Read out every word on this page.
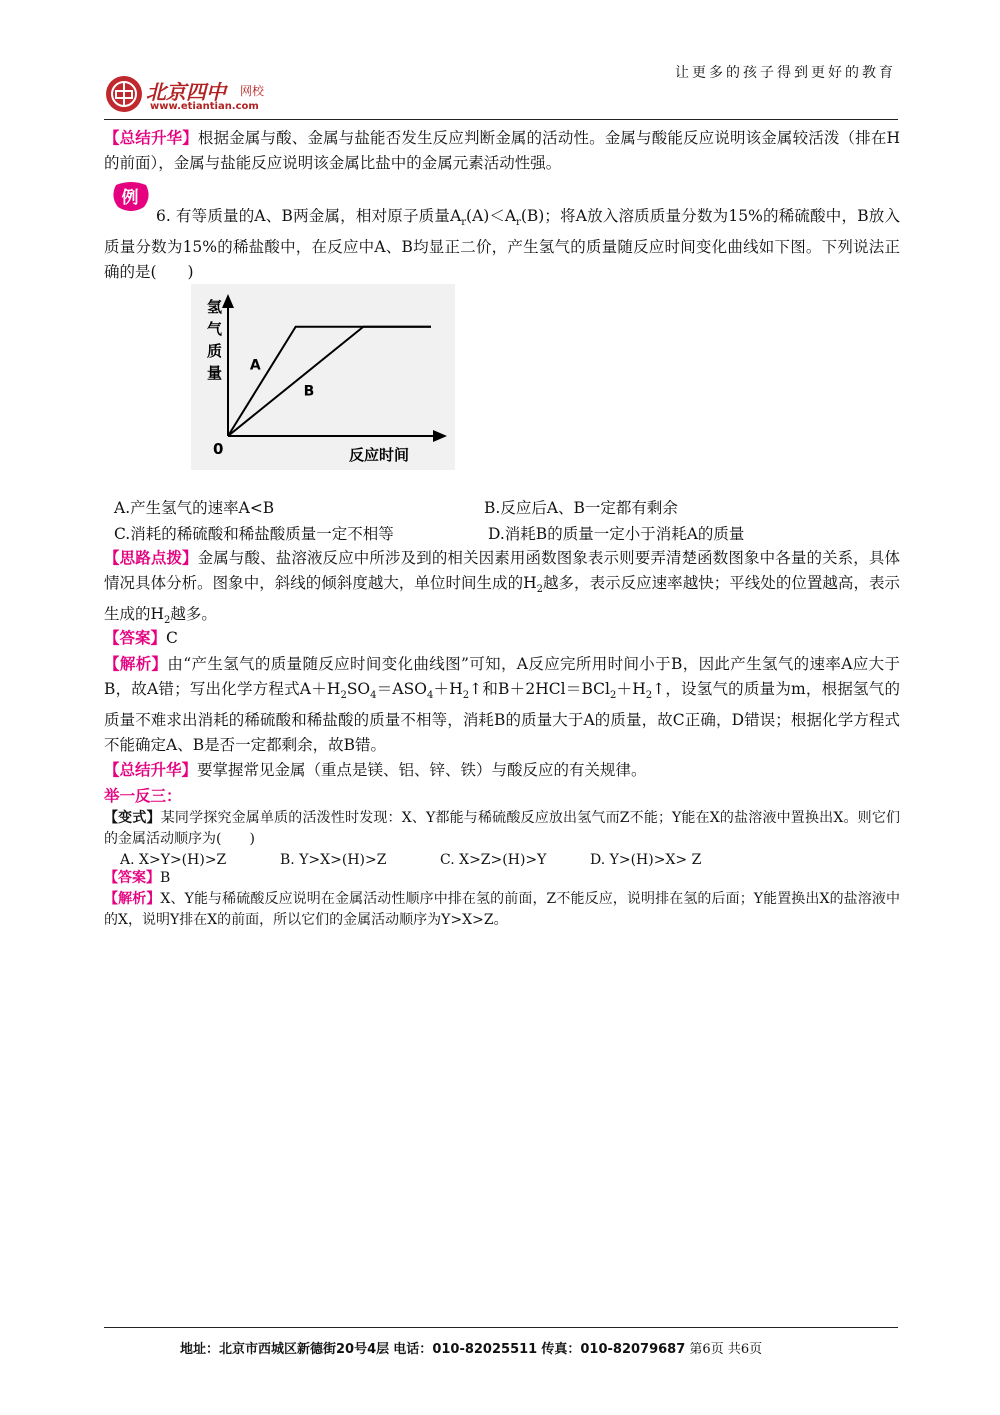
让更多的孩子得到更好的教育
北京四中 网校
www.etiantian.com
【总结升华】根据金属与酸、金属与盐能否发生反应判断金属的活动性。金属与酸能反应说明该金属较活泼（排在H的前面），金属与盐能反应说明该金属比盐中的金属元素活动性强。
例
6. 有等质量的A、B两金属，相对原子质量$A_r(A)<A_r(B)$；将A放入溶质质量分数为15%的稀硫酸中，B放入质量分数为15%的稀盐酸中，在反应中A、B均显正二价，产生氢气的质量随反应时间变化曲线如下图。下列说法正确的是(　　)
氢
气
质
量
0	反应时间
A
B
A.产生氢气的速率A<B	B.反应后A、B一定都有剩余
C.消耗的稀硫酸和稀盐酸质量一定不相等	D.消耗B的质量一定小于消耗A的质量
【思路点拨】金属与酸、盐溶液反应中所涉及到的相关因素用函数图象表示则要弄清楚函数图象中各量的关系，具体情况具体分析。图象中，斜线的倾斜度越大，单位时间生成的$H_2$越多，表示反应速率越快；平线处的位置越高，表示生成的$H_2$越多。
【答案】C
【解析】由“产生氢气的质量随反应时间变化曲线图”可知，A反应完所用时间小于B，因此产生氢气的速率A应大于B，故A错；写出化学方程式$A+H_2SO_4=ASO_4+H_2↑$和$B+2HCl=BCl_2+H_2↑$，设氢气的质量为m，根据氢气的质量不难求出消耗的稀硫酸和稀盐酸的质量不相等，消耗B的质量大于A的质量，故C正确，D错误；根据化学方程式不能确定A、B是否一定都剩余，故B错。
【总结升华】要掌握常见金属（重点是镁、铝、锌、铁）与酸反应的有关规律。
举一反三：
【变式】某同学探究金属单质的活泼性时发现：X、Y都能与稀硫酸反应放出氢气而Z不能；Y能在X的盐溶液中置换出X。则它们的金属活动顺序为(　　)
A. X>Y>(H)>Z	B. Y>X>(H)>Z	C. X>Z>(H)>Y	D. Y>(H)>X> Z
【答案】B
【解析】X、Y能与稀硫酸反应说明在金属活动性顺序中排在氢的前面，Z不能反应，说明排在氢的后面；Y能置换出X的盐溶液中的X，说明Y排在X的前面，所以它们的金属活动顺序为Y>X>Z。
地址：北京市西城区新德街20号4层 电话：010-82025511 传真：010-82079687 第6页 共6页
